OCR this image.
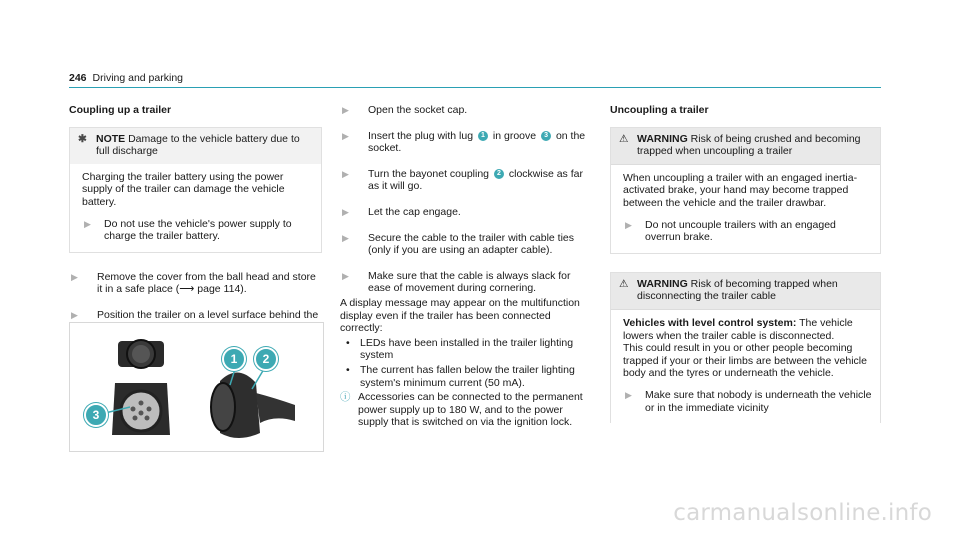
246 Driving and parking
Coupling up a trailer
✱ NOTE Damage to the vehicle battery due to full discharge
Charging the trailer battery using the power supply of the trailer can damage the vehicle battery.
▶	Do not use the vehicle's power supply to charge the trailer battery.
▶	Remove the cover from the ball head and store it in a safe place (⟶ page 114).
▶	Position the trailer on a level surface behind the
1	2
3
▶	Open the socket cap.
▶	Insert the plug with lug 1 in groove 3 on the socket.
▶	Turn the bayonet coupling 2 clockwise as far as it will go.
▶	Let the cap engage.
▶	Secure the cable to the trailer with cable ties (only if you are using an adapter cable).
▶	Make sure that the cable is always slack for ease of movement during cornering.
A display message may appear on the multifunction display even if the trailer has been connected correctly:
• LEDs have been installed in the trailer lighting system
• The current has fallen below the trailer lighting system's minimum current (50 mA).
ⓘ Accessories can be connected to the permanent power supply up to 180 W, and to the power supply that is switched on via the ignition lock.
Uncoupling a trailer
⚠ WARNING Risk of being crushed and becoming trapped when uncoupling a trailer
When uncoupling a trailer with an engaged inertia-activated brake, your hand may become trapped between the vehicle and the trailer drawbar.
▶	Do not uncouple trailers with an engaged overrun brake.
⚠ WARNING Risk of becoming trapped when disconnecting the trailer cable
Vehicles with level control system: The vehicle lowers when the trailer cable is disconnected.
This could result in you or other people becoming trapped if your or their limbs are between the vehicle body and the tyres or underneath the vehicle.
▶	Make sure that nobody is underneath the vehicle or in the immediate vicinity
carmanualsonline.info
